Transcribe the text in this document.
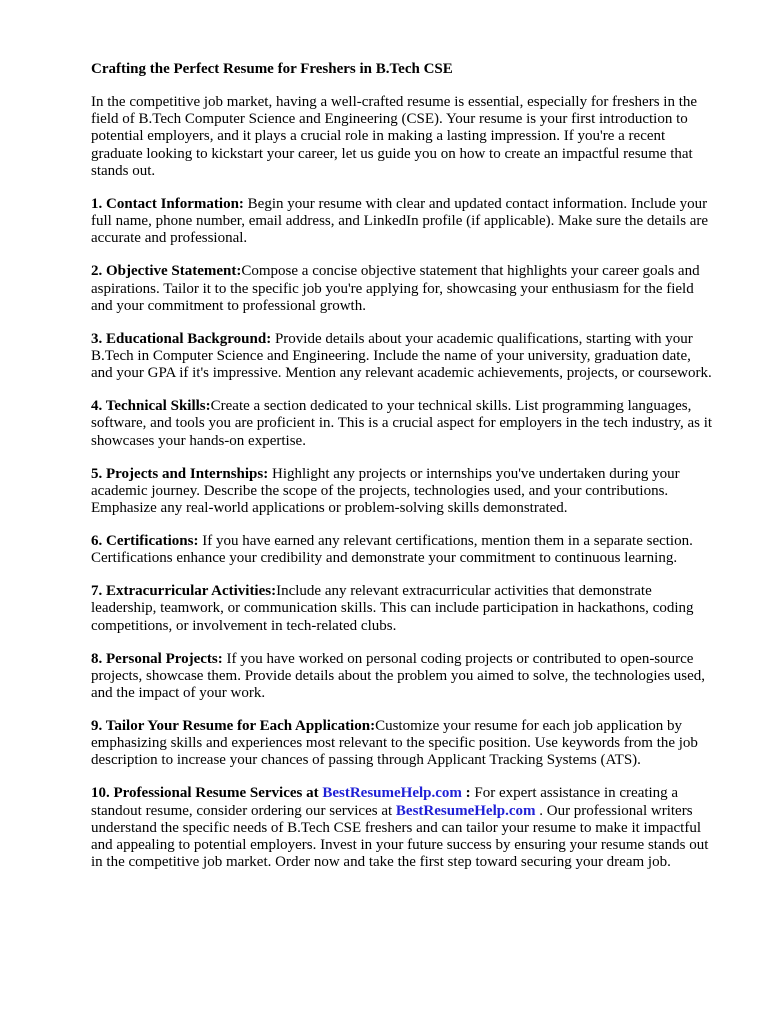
Crafting the Perfect Resume for Freshers in B.Tech CSE

In the competitive job market, having a well-crafted resume is essential, especially for freshers in the field of B.Tech Computer Science and Engineering (CSE). Your resume is your first introduction to potential employers, and it plays a crucial role in making a lasting impression. If you're a recent graduate looking to kickstart your career, let us guide you on how to create an impactful resume that stands out.

1. Contact Information: Begin your resume with clear and updated contact information. Include your full name, phone number, email address, and LinkedIn profile (if applicable). Make sure the details are accurate and professional.

2. Objective Statement:Compose a concise objective statement that highlights your career goals and aspirations. Tailor it to the specific job you're applying for, showcasing your enthusiasm for the field and your commitment to professional growth.

3. Educational Background: Provide details about your academic qualifications, starting with your B.Tech in Computer Science and Engineering. Include the name of your university, graduation date, and your GPA if it's impressive. Mention any relevant academic achievements, projects, or coursework.

4. Technical Skills:Create a section dedicated to your technical skills. List programming languages, software, and tools you are proficient in. This is a crucial aspect for employers in the tech industry, as it showcases your hands-on expertise.

5. Projects and Internships: Highlight any projects or internships you've undertaken during your academic journey. Describe the scope of the projects, technologies used, and your contributions. Emphasize any real-world applications or problem-solving skills demonstrated.

6. Certifications: If you have earned any relevant certifications, mention them in a separate section. Certifications enhance your credibility and demonstrate your commitment to continuous learning.

7. Extracurricular Activities:Include any relevant extracurricular activities that demonstrate leadership, teamwork, or communication skills. This can include participation in hackathons, coding competitions, or involvement in tech-related clubs.

8. Personal Projects: If you have worked on personal coding projects or contributed to open-source projects, showcase them. Provide details about the problem you aimed to solve, the technologies used, and the impact of your work.

9. Tailor Your Resume for Each Application:Customize your resume for each job application by emphasizing skills and experiences most relevant to the specific position. Use keywords from the job description to increase your chances of passing through Applicant Tracking Systems (ATS).

10. Professional Resume Services at BestResumeHelp.com : For expert assistance in creating a standout resume, consider ordering our services at BestResumeHelp.com . Our professional writers understand the specific needs of B.Tech CSE freshers and can tailor your resume to make it impactful and appealing to potential employers. Invest in your future success by ensuring your resume stands out in the competitive job market. Order now and take the first step toward securing your dream job.
